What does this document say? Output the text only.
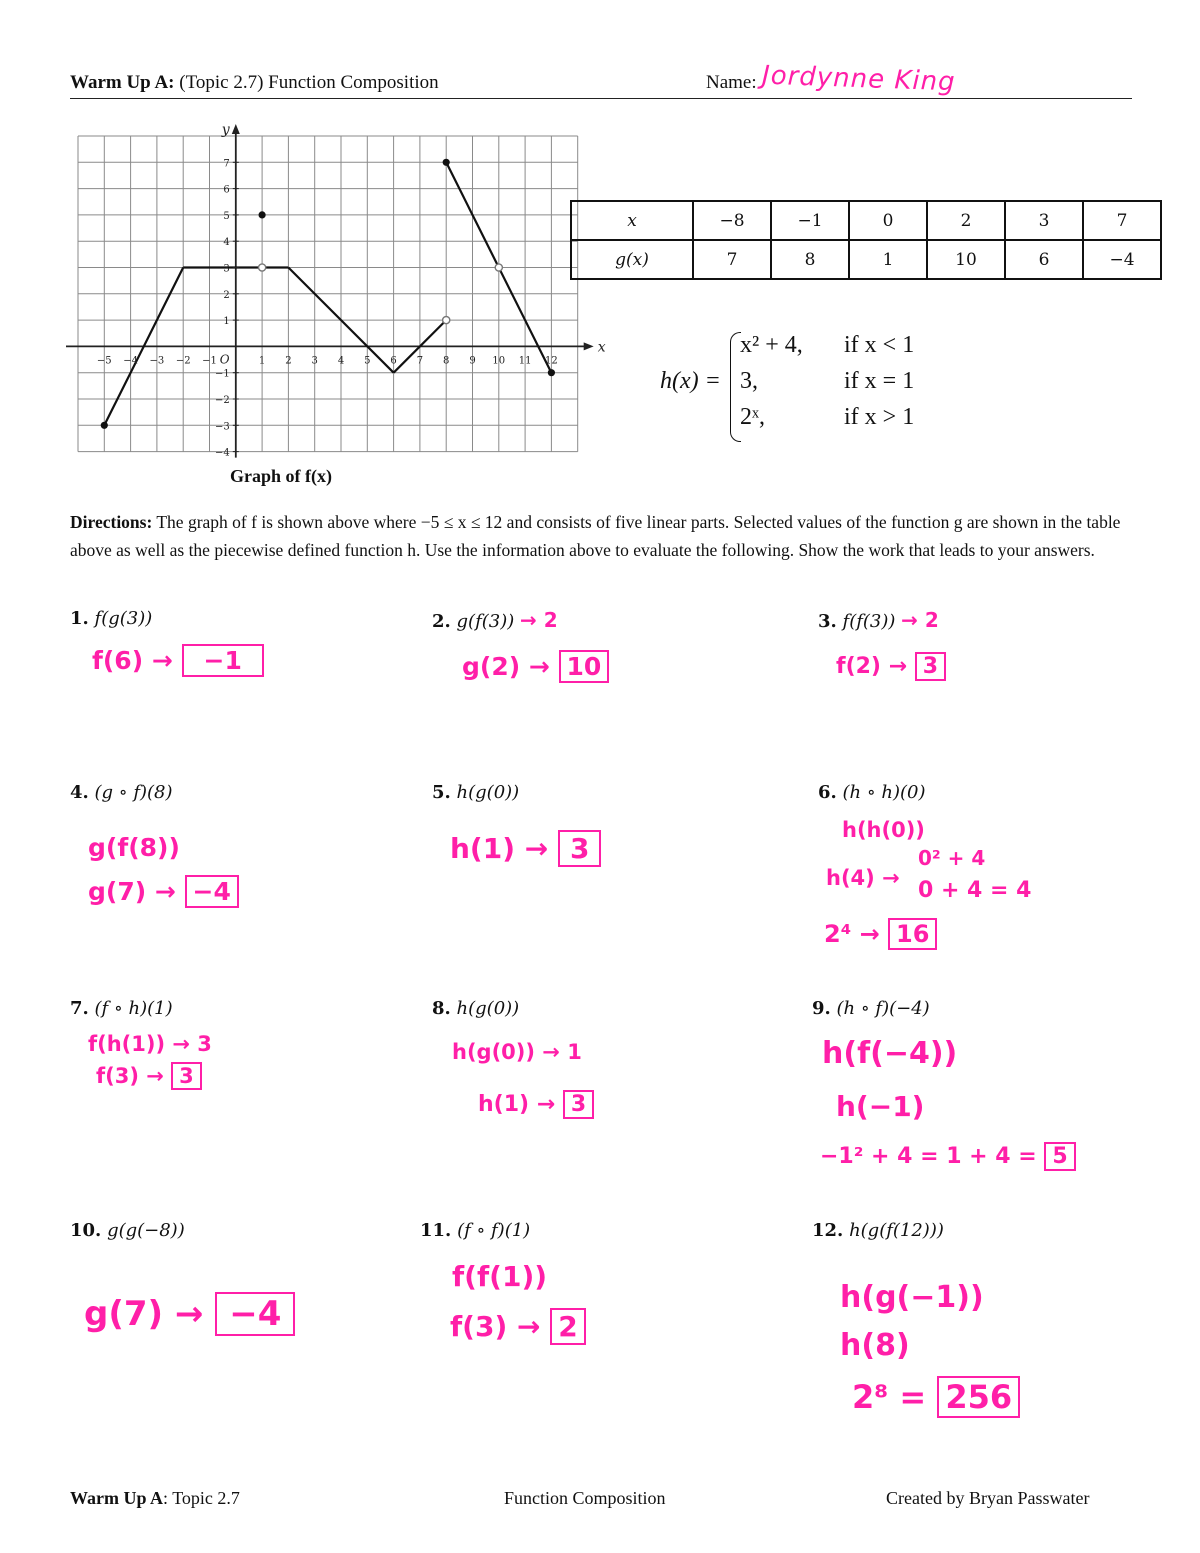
Warm Up A: (Topic 2.7) Function Composition	Name: Jordynne King
−5 −4 −3 −2 −1	1 2 3 4 5 6 7 8 9 10 11 12
7
6
5
4
3
2
1
−1
−2
−3
−4
O
x
y
Graph of f(x)
x	−8	−1	0	2	3	7
g(x)	7	8	1	10	6	−4
h(x) =
x² + 4, if x < 1
3,	if x = 1
2ˣ,	if x > 1
Directions: The graph of f is shown above where −5 ≤ x ≤ 12 and consists of five linear parts. Selected values of the function g are shown in the table above as well as the piecewise defined function h. Use the information above to evaluate the following. Show the work that leads to your answers.
1. f(g(3))
f(6) → −1
2. g(f(3)) → 2
g(2) → 10
3. f(f(3)) → 2
f(2) → 3
4. (g ∘ f)(8)
g(f(8))
g(7) → −4
5. h(g(0))
h(1) → 3
6. (h ∘ h)(0)
h(h(0))
h(4) →
0² + 4
0 + 4 = 4
2⁴ → 16
7. (f ∘ h)(1)
f(h(1)) → 3
f(3) → 3
8. h(g(0))
h(g(0)) → 1
h(1) → 3
9. (h ∘ f)(−4)
h(f(−4))
h(−1)
−1² + 4 = 1 + 4 = 5
10. g(g(−8))
g(7) → −4
11. (f ∘ f)(1)
f(f(1))
f(3) → 2
12. h(g(f(12)))
h(g(−1))
h(8)
2⁸ = 256
Warm Up A: Topic 2.7	Function Composition	Created by Bryan Passwater
